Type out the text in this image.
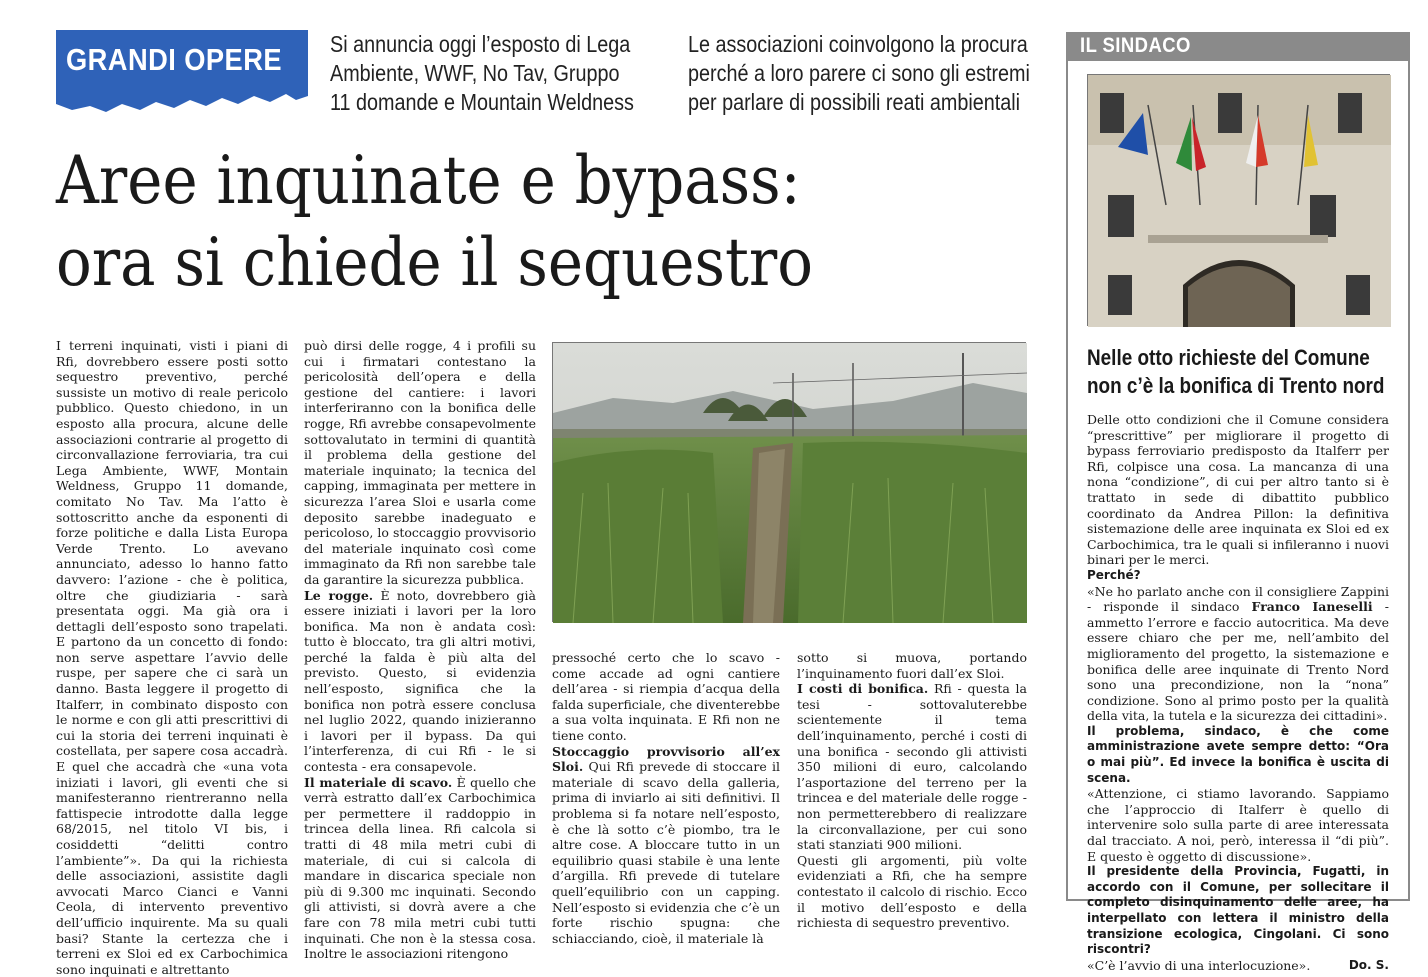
GRANDI OPERE Si annuncia oggi l’esposto di Lega
Ambiente, WWF, No Tav, Gruppo
11 domande e Mountain Weldness
Le associazioni coinvolgono la procura
perché a loro parere ci sono gli estremi
per parlare di possibili reati ambientali
Aree inquinate e bypass:
ora si chiede il sequestro

I terreni inquinati, visti i piani di Rfi, dovrebbero essere posti sotto sequestro preventivo, perché sussiste un motivo di reale pericolo pubblico. Questo chiedono, in un esposto alla procura, alcune delle associazioni contrarie al progetto di circonvallazione ferroviaria, tra cui Lega Ambiente, WWF, Montain Weldness, Gruppo 11 domande, comitato No Tav. Ma l’atto è sottoscritto anche da esponenti di forze politiche e dalla Lista Europa Verde Trento. Lo avevano annunciato, adesso lo hanno fatto davvero: l’azione - che è politica, oltre che giudiziaria - sarà presentata oggi. Ma già ora i dettagli dell’esposto sono trapelati. E partono da un concetto di fondo: non serve aspettare l’avvio delle ruspe, per sapere che ci sarà un danno. Basta leggere il progetto di Italferr, in combinato disposto con le norme e con gli atti prescrittivi di cui la storia dei terreni inquinati è costellata, per sapere cosa accadrà. E quel che accadrà che «una vota iniziati i lavori, gli eventi che si manifesteranno rientreranno nella fattispecie introdotte dalla legge 68/2015, nel titolo VI bis, i cosiddetti “delitti contro l’ambiente”». Da qui la richiesta delle associazioni, assistite dagli avvocati Marco Cianci e Vanni Ceola, di intervento preventivo dell’ufficio inquirente. Ma su quali basi? Stante la certezza che i terreni ex Sloi ed ex Carbochimica sono inquinati e altrettanto

può dirsi delle rogge, 4 i profili su cui i firmatari contestano la pericolosità dell’opera e della gestione del cantiere: i lavori interferiranno con la bonifica delle rogge, Rfi avrebbe consapevolmente sottovalutato in termini di quantità il problema della gestione del materiale inquinato; la tecnica del capping, immaginata per mettere in sicurezza l’area Sloi e usarla come deposito sarebbe inadeguato e pericoloso, lo stoccaggio provvisorio del materiale inquinato così come immaginato da Rfi non sarebbe tale da garantire la sicurezza pubblica.

Le rogge. È noto, dovrebbero già essere iniziati i lavori per la loro bonifica. Ma non è andata così: tutto è bloccato, tra gli altri motivi, perché la falda è più alta del previsto. Questo, si evidenzia nell’esposto, significa che la bonifica non potrà essere conclusa nel luglio 2022, quando inizieranno i lavori per il bypass. Da qui l’interferenza, di cui Rfi - le si contesta - era consapevole.

Il materiale di scavo. È quello che verrà estratto dall’ex Carbochimica per permettere il raddoppio in trincea della linea. Rfi calcola si tratti di 48 mila metri cubi di materiale, di cui si calcola di mandare in discarica speciale non più di 9.300 mc inquinati. Secondo gli attivisti, si dovrà avere a che fare con 78 mila metri cubi tutti inquinati. Che non è la stessa cosa. Inoltre le associazioni ritengono

pressoché certo che lo scavo - come accade ad ogni cantiere dell’area - si riempia d’acqua della falda superficiale, che diventerebbe a sua volta inquinata. E Rfi non ne tiene conto.

Stoccaggio provvisorio all’ex Sloi. Qui Rfi prevede di stoccare il materiale di scavo della galleria, prima di inviarlo ai siti definitivi. Il problema si fa notare nell’esposto, è che là sotto c’è piombo, tra le altre cose. A bloccare tutto in un equilibrio quasi stabile è una lente d’argilla. Rfi prevede di tutelare quell’equilibrio con un capping. Nell’esposto si evidenzia che c’è un forte rischio spugna: che schiacciando, cioè, il materiale là

sotto si muova, portando l’inquinamento fuori dall’ex Sloi.

I costi di bonifica. Rfi - questa la tesi - sottovaluterebbe scientemente il tema dell’inquinamento, perché i costi di una bonifica - secondo gli attivisti 350 milioni di euro, calcolando l’asportazione del terreno per la trincea e del materiale delle rogge - non permetterebbero di realizzare la circonvallazione, per cui sono stati stanziati 900 milioni.

Questi gli argomenti, più volte evidenziati a Rfi, che ha sempre contestato il calcolo di rischio. Ecco il motivo dell’esposto e della richiesta di sequestro preventivo.

IL SINDACO
Nelle otto richieste del Comune
non c’è la bonifica di Trento nord

Delle otto condizioni che il Comune considera “prescrittive” per migliorare il progetto di bypass ferroviario predisposto da Italferr per Rfi, colpisce una cosa. La mancanza di una nona “condizione”, di cui per altro tanto si è trattato in sede di dibattito pubblico coordinato da Andrea Pillon: la definitiva sistemazione delle aree inquinata ex Sloi ed ex Carbochimica, tra le quali si infileranno i nuovi binari per le merci.

Perché?

«Ne ho parlato anche con il consigliere Zappini - risponde il sindaco Franco Ianeselli - ammetto l’errore e faccio autocritica. Ma deve essere chiaro che per me, nell’ambito del miglioramento del progetto, la sistemazione e bonifica delle aree inquinate di Trento Nord sono una precondizione, non la “nona” condizione. Sono al primo posto per la qualità della vita, la tutela e la sicurezza dei cittadini».

Il problema, sindaco, è che come amministrazione avete sempre detto: “Ora o mai più”. Ed invece la bonifica è uscita di scena.

«Attenzione, ci stiamo lavorando. Sappiamo che l’approccio di Italferr è quello di intervenire solo sulla parte di aree interessata dal tracciato. A noi, però, interessa il “di più”. E questo è oggetto di discussione».

Il presidente della Provincia, Fugatti, in accordo con il Comune, per sollecitare il completo disinquinamento delle aree, ha interpellato con lettera il ministro della transizione ecologica, Cingolani. Ci sono riscontri?

«C’è l’avvio di una interlocuzione».	Do. S.
